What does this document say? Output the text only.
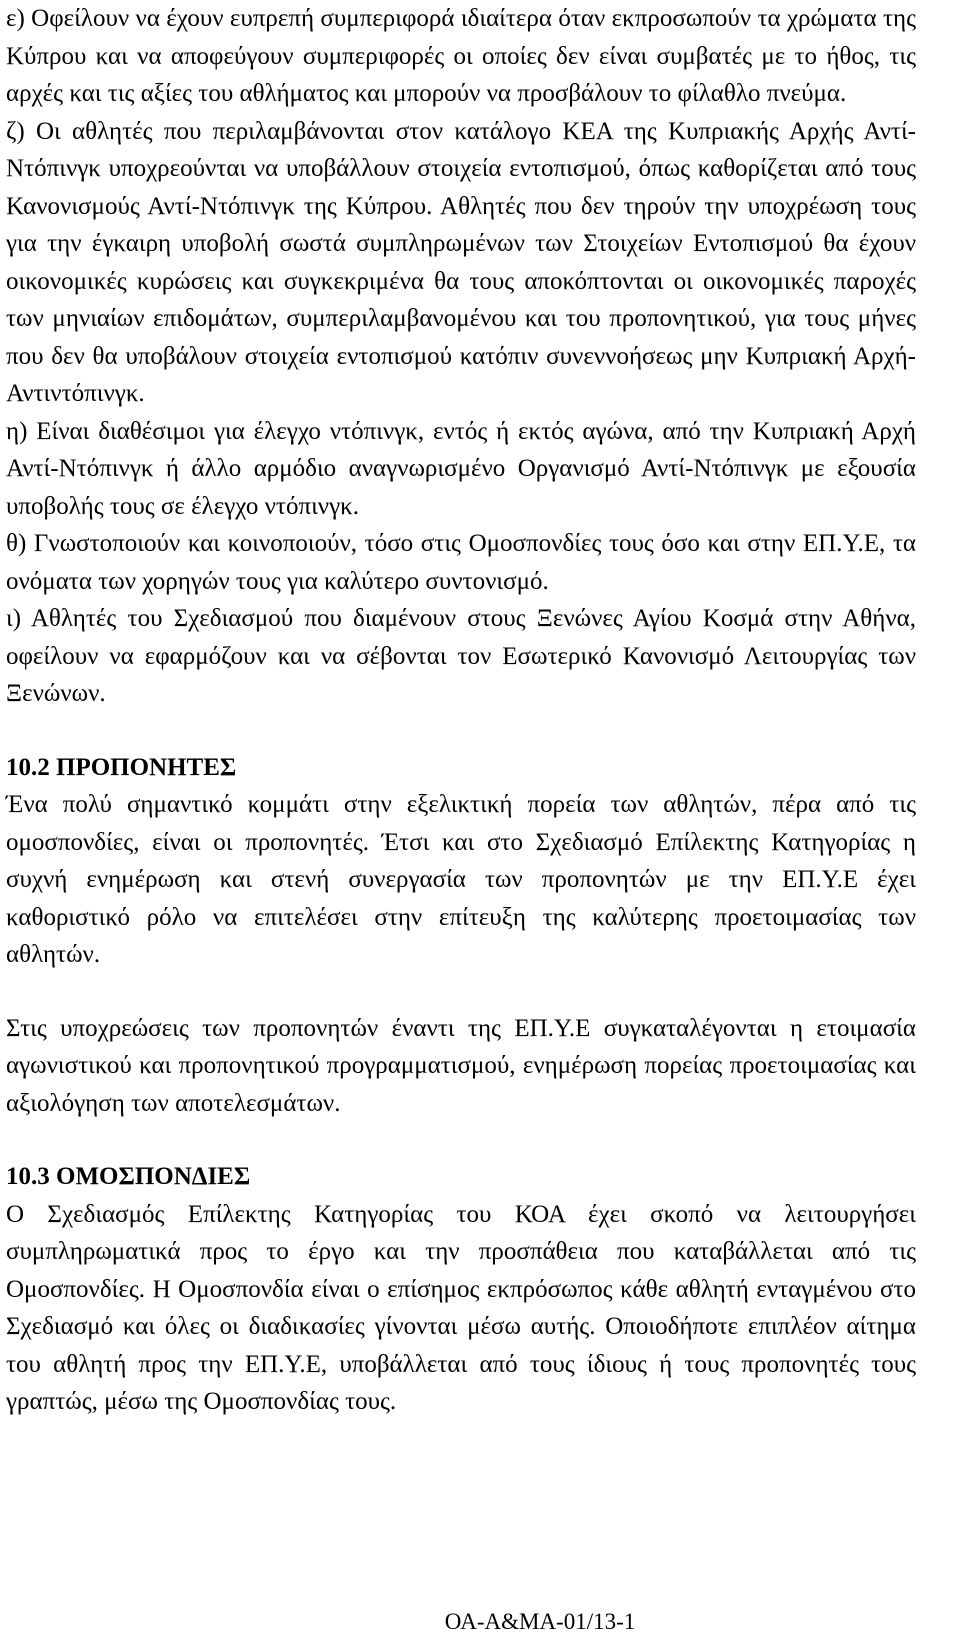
ε) Οφείλουν να έχουν ευπρεπή συμπεριφορά ιδιαίτερα όταν εκπροσωπούν τα χρώματα της Κύπρου και να αποφεύγουν συμπεριφορές οι οποίες δεν είναι συμβατές με το ήθος, τις αρχές και τις αξίες του αθλήματος και μπορούν να προσβάλουν το φίλαθλο πνεύμα.

ζ) Οι αθλητές που περιλαμβάνονται στον κατάλογο ΚΕΑ της Κυπριακής Αρχής Αντί-Ντόπινγκ υποχρεούνται να υποβάλλουν στοιχεία εντοπισμού, όπως καθορίζεται από τους Κανονισμούς Αντί-Ντόπινγκ της Κύπρου. Αθλητές που δεν τηρούν την υποχρέωση τους για την έγκαιρη υποβολή σωστά συμπληρωμένων των Στοιχείων Εντοπισμού θα έχουν οικονομικές κυρώσεις και συγκεκριμένα θα τους αποκόπτονται οι οικονομικές παροχές των μηνιαίων επιδομάτων, συμπεριλαμβανομένου και του προπονητικού, για τους μήνες που δεν θα υποβάλουν στοιχεία εντοπισμού κατόπιν συνεννοήσεως μην Κυπριακή Αρχή-Αντιντόπινγκ.

η) Είναι διαθέσιμοι για έλεγχο ντόπινγκ, εντός ή εκτός αγώνα, από την Κυπριακή Αρχή Αντί-Ντόπινγκ ή άλλο αρμόδιο αναγνωρισμένο Οργανισμό Αντί-Ντόπινγκ με εξουσία υποβολής τους σε έλεγχο ντόπινγκ.

θ) Γνωστοποιούν και κοινοποιούν, τόσο στις Ομοσπονδίες τους όσο και στην ΕΠ.Υ.Ε, τα ονόματα των χορηγών τους για καλύτερο συντονισμό.

ι) Αθλητές του Σχεδιασμού που διαμένουν στους Ξενώνες Αγίου Κοσμά στην Αθήνα, οφείλουν να εφαρμόζουν και να σέβονται τον Εσωτερικό Κανονισμό Λειτουργίας των Ξενώνων.

10.2 ΠΡΟΠΟΝΗΤΕΣ

Ένα πολύ σημαντικό κομμάτι στην εξελικτική πορεία των αθλητών, πέρα από τις ομοσπονδίες, είναι οι προπονητές. Έτσι και στο Σχεδιασμό Επίλεκτης Κατηγορίας η συχνή ενημέρωση και στενή συνεργασία των προπονητών με την ΕΠ.Υ.Ε έχει καθοριστικό ρόλο να επιτελέσει στην επίτευξη της καλύτερης προετοιμασίας των αθλητών.

Στις υποχρεώσεις των προπονητών έναντι της ΕΠ.Υ.Ε συγκαταλέγονται η ετοιμασία αγωνιστικού και προπονητικού προγραμματισμού, ενημέρωση πορείας προετοιμασίας και αξιολόγηση των αποτελεσμάτων.

10.3 ΟΜΟΣΠΟΝΔΙΕΣ

Ο Σχεδιασμός Επίλεκτης Κατηγορίας του ΚΟΑ έχει σκοπό να λειτουργήσει συμπληρωματικά προς το έργο και την προσπάθεια που καταβάλλεται από τις Ομοσπονδίες. Η Ομοσπονδία είναι ο επίσημος εκπρόσωπος κάθε αθλητή ενταγμένου στο Σχεδιασμό και όλες οι διαδικασίες γίνονται μέσω αυτής. Οποιοδήποτε επιπλέον αίτημα του αθλητή προς την ΕΠ.Υ.Ε, υποβάλλεται από τους ίδιους ή τους προπονητές τους γραπτώς, μέσω της Ομοσπονδίας τους.

ΟΑ-Α&ΜΑ-01/13-1
